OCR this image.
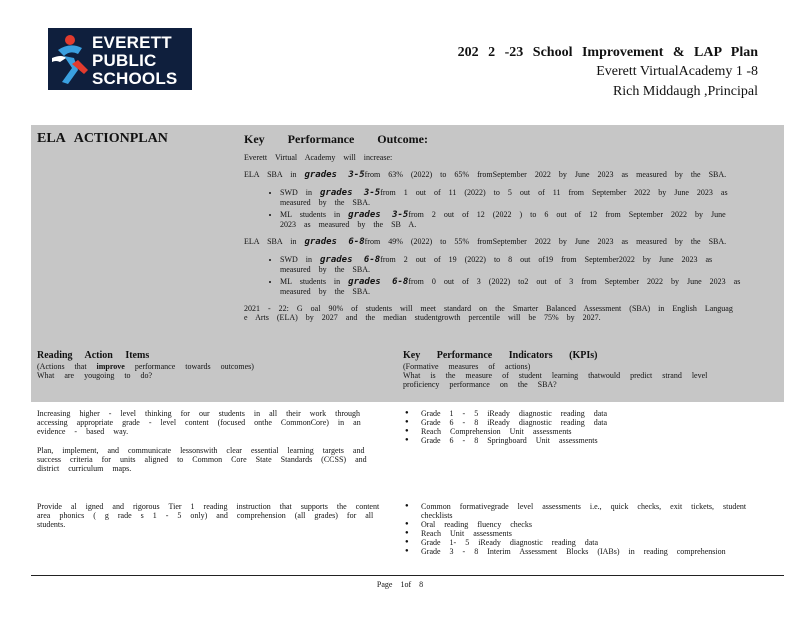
EVERETT
PUBLIC
SCHOOLS
202 2 -23 School Improvement & LAP Plan
Everett VirtualAcademy 1 -8
Rich Middaugh ,Principal
ELA ACTIONPLAN	Key Performance Outcome:

Everett Virtual Academy will increase:

ELA SBA in grades 3-5from 63% (2022) to 65% fromSeptember 2022 by June 2023 as measured by the SBA.

• SWD in grades 3-5from 1 out of 11 (2022) to 5 out of 11 from September 2022 by June 2023 as measured by the SBA.
• ML students in grades 3-5from 2 out of 12 (2022 ) to 6 out of 12 from September 2022 by June 2023 as measured by the SB A.

ELA SBA in grades 6-8from 49% (2022) to 55% fromSeptember 2022 by June 2023 as measured by the SBA.

• SWD in grades 6-8from 2 out of 19 (2022) to 8 out of19 from September2022 by June 2023 as measured by the SBA.
• ML students in grades 6-8from 0 out of 3 (2022) to2 out of 3 from September 2022 by June 2023 as measured by the SBA.

2021 - 22: G oal 90% of students will meet standard on the Smarter Balanced Assessment (SBA) in English Languag e Arts (ELA) by 2027 and the median studentgrowth percentile will be 75% by 2027.

Reading Action Items
(Actions that improve performance towards outcomes)
What are yougoing to do?
Key Performance Indicators (KPIs)
(Formative measures of actions)
What is the measure of student learning thatwould predict strand level proficiency performance on the SBA?

Increasing higher - level thinking for our students in all their work through accessing appropriate grade - level content (focused onthe CommonCore) in an evidence - based way.

Plan, implement, and communicate lessonswith clear essential learning targets and success criteria for units aligned to Common Core State Standards (CCSS) and district curriculum maps.

● Grade 1 - 5 iReady diagnostic reading data
● Grade 6 - 8 iReady diagnostic reading data
● Reach Comprehension Unit assessments
● Grade 6 - 8 Springboard Unit assessments

Provide al igned and rigorous Tier 1 reading instruction that supports the content area phonics ( g rade s 1 - 5 only) and comprehension (all grades) for all students.

● Common formativegrade level assessments i.e., quick checks, exit tickets, student checklists
● Oral reading fluency checks
● Reach Unit assessments
● Grade 1- 5 iReady diagnostic reading data
● Grade 3 - 8 Interim Assessment Blocks (IABs) in reading comprehension
Page 1of 8
